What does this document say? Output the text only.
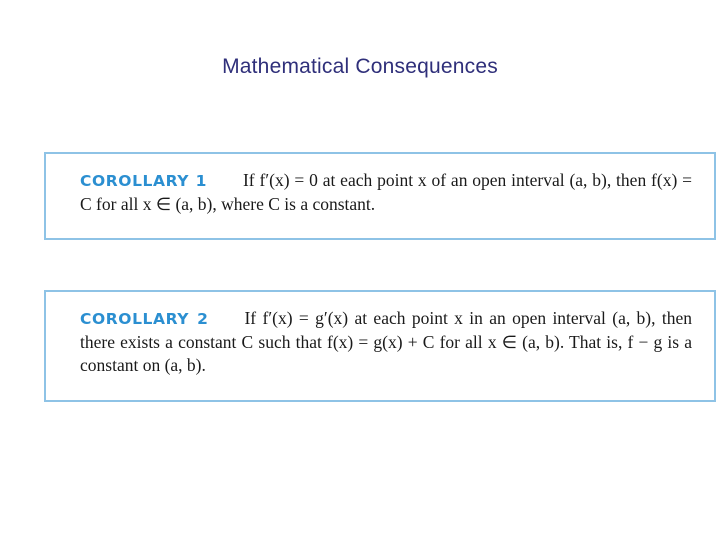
Mathematical Consequences
COROLLARY 1 If f′(x) = 0 at each point x of an open interval (a, b), then f(x) = C for all x ∈ (a, b), where C is a constant.
COROLLARY 2 If f′(x) = g′(x) at each point x in an open interval (a, b), then there exists a constant C such that f(x) = g(x) + C for all x ∈ (a, b). That is, f − g is a constant on (a, b).
